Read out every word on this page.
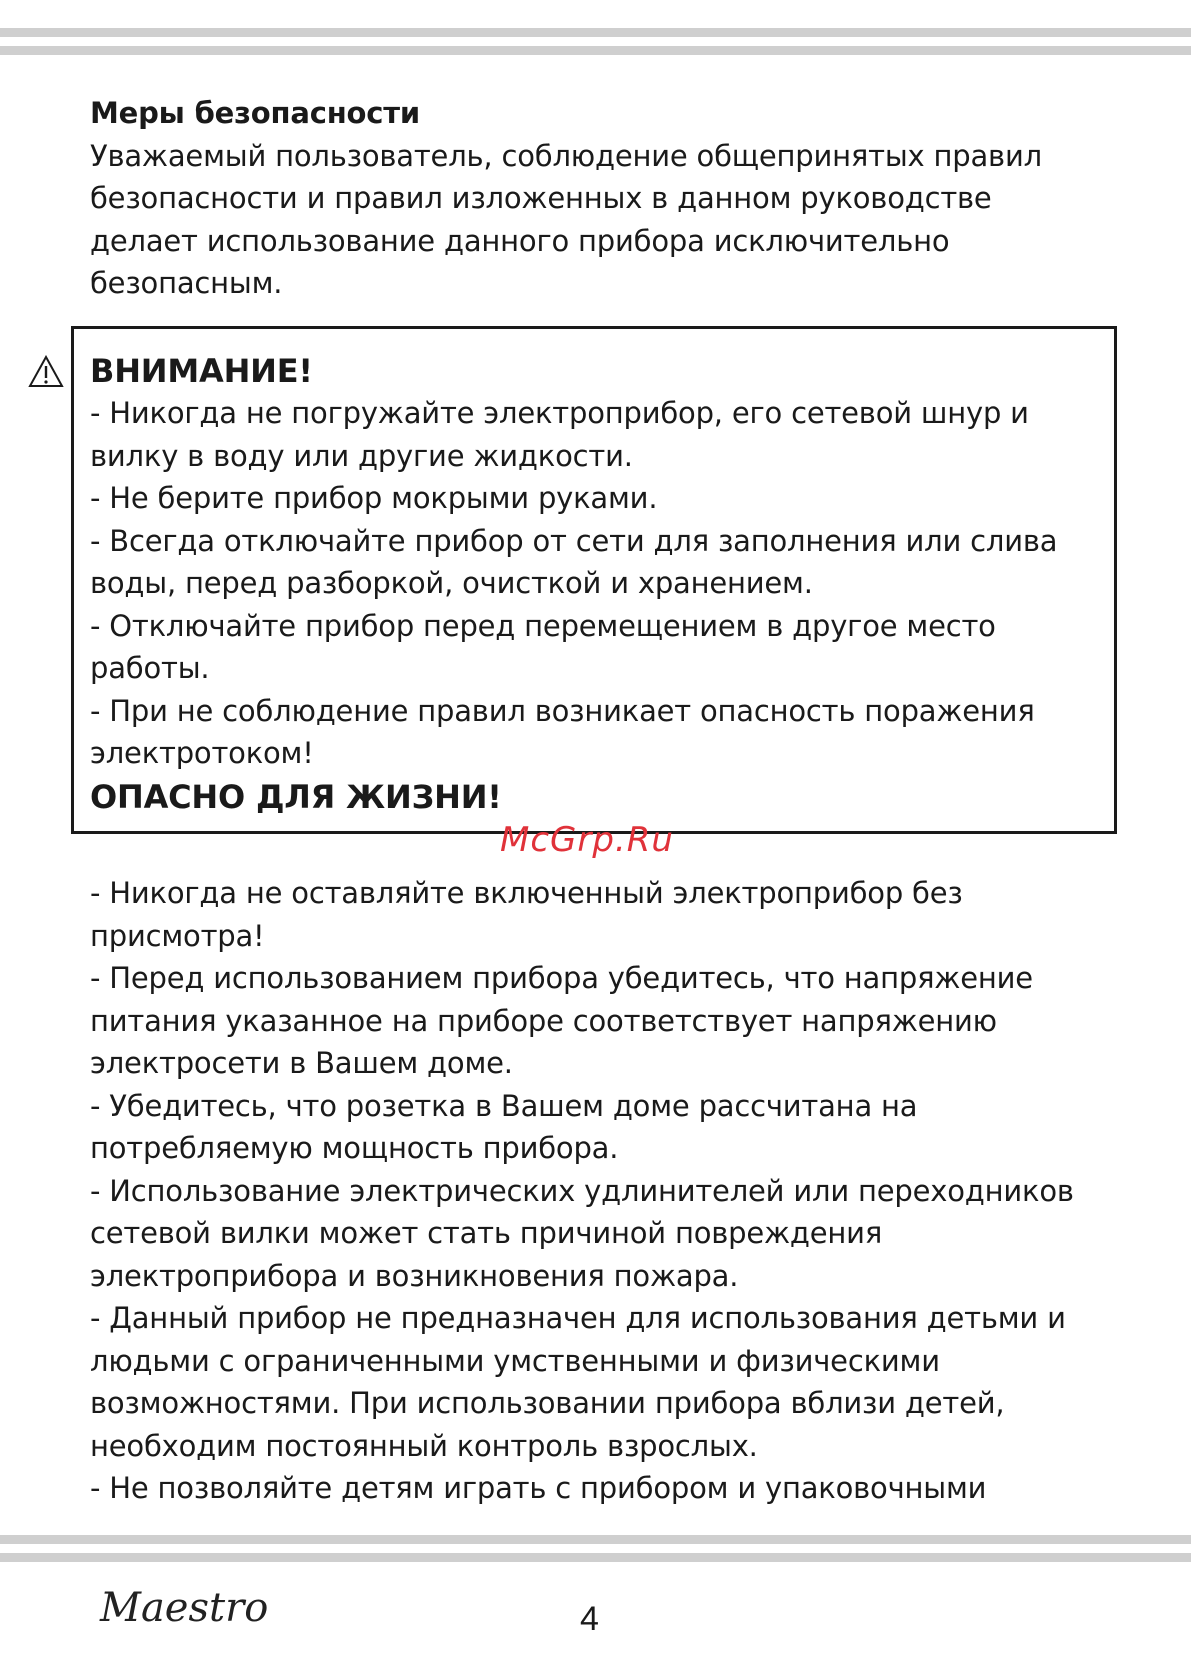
Меры безопасности

Уважаемый пользователь, соблюдение общепринятых правил

безопасности и правил изложенных в данном руководстве

делает использование данного прибора исключительно

безопасным.

ВНИМАНИЕ!

- Никогда не погружайте электроприбор, его сетевой шнур и

вилку в воду или другие жидкости.

- Не берите прибор мокрыми руками.

- Всегда отключайте прибор от сети для заполнения или слива

воды, перед разборкой, очисткой и хранением.

- Отключайте прибор перед перемещением в другое место

работы.

- При не соблюдение правил возникает опасность поражения

электротоком!

ОПАСНО ДЛЯ ЖИЗНИ!

McGrp.Ru

- Никогда не оставляйте включенный электроприбор без

присмотра!

- Перед использованием прибора убедитесь, что напряжение

питания указанное на приборе соответствует напряжению

электросети в Вашем доме.

- Убедитесь, что розетка в Вашем доме рассчитана на

потребляемую мощность прибора.

- Использование электрических удлинителей или переходников

сетевой вилки может стать причиной повреждения

электроприбора и возникновения пожара.

- Данный прибор не предназначен для использования детьми и

людьми с ограниченными умственными и физическими

возможностями. При использовании прибора вблизи детей,

необходим постоянный контроль взрослых.

- Не позволяйте детям играть с прибором и упаковочными

Maestro	4
